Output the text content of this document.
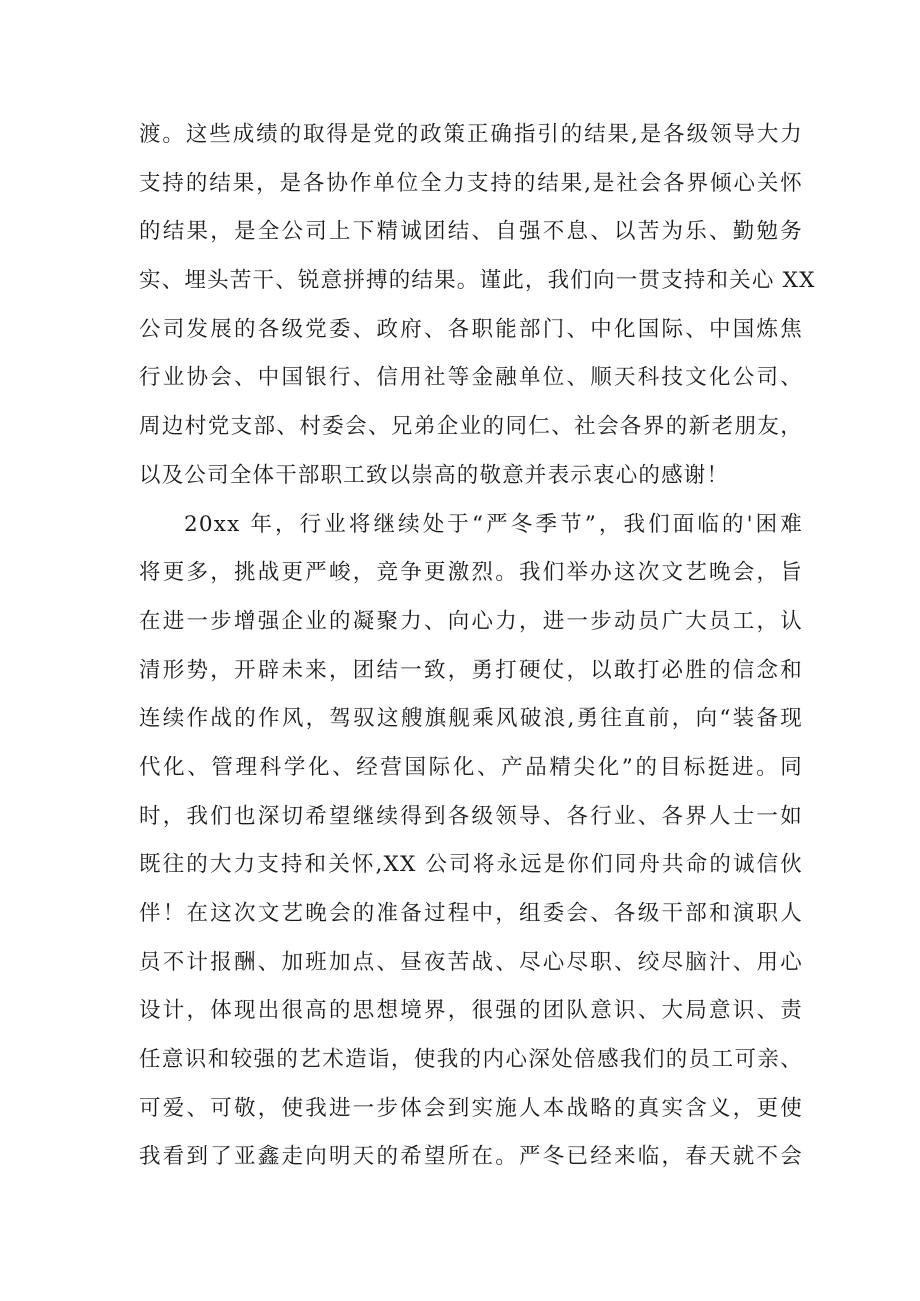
渡。这些成绩的取得是党的政策正确指引的结果,是各级领导大力
支持的结果，是各协作单位全力支持的结果,是社会各界倾心关怀
的结果，是全公司上下精诚团结、自强不息、以苦为乐、勤勉务
实、埋头苦干、锐意拼搏的结果。谨此，我们向一贯支持和关心 XX
公司发展的各级党委、政府、各职能部门、中化国际、中国炼焦
行业协会、中国银行、信用社等金融单位、顺天科技文化公司、
周边村党支部、村委会、兄弟企业的同仁、社会各界的新老朋友，
以及公司全体干部职工致以崇高的敬意并表示衷心的感谢！
20xx 年，行业将继续处于“严冬季节”，我们面临的'困难
将更多，挑战更严峻，竞争更激烈。我们举办这次文艺晚会，旨
在进一步增强企业的凝聚力、向心力，进一步动员广大员工，认
清形势，开辟未来，团结一致，勇打硬仗，以敢打必胜的信念和
连续作战的作风，驾驭这艘旗舰乘风破浪,勇往直前，向“装备现
代化、管理科学化、经营国际化、产品精尖化”的目标挺进。同
时，我们也深切希望继续得到各级领导、各行业、各界人士一如
既往的大力支持和关怀,XX 公司将永远是你们同舟共命的诚信伙
伴！在这次文艺晚会的准备过程中，组委会、各级干部和演职人
员不计报酬、加班加点、昼夜苦战、尽心尽职、绞尽脑汁、用心
设计，体现出很高的思想境界，很强的团队意识、大局意识、责
任意识和较强的艺术造诣，使我的内心深处倍感我们的员工可亲、
可爱、可敬，使我进一步体会到实施人本战略的真实含义，更使
我看到了亚鑫走向明天的希望所在。严冬已经来临，春天就不会
